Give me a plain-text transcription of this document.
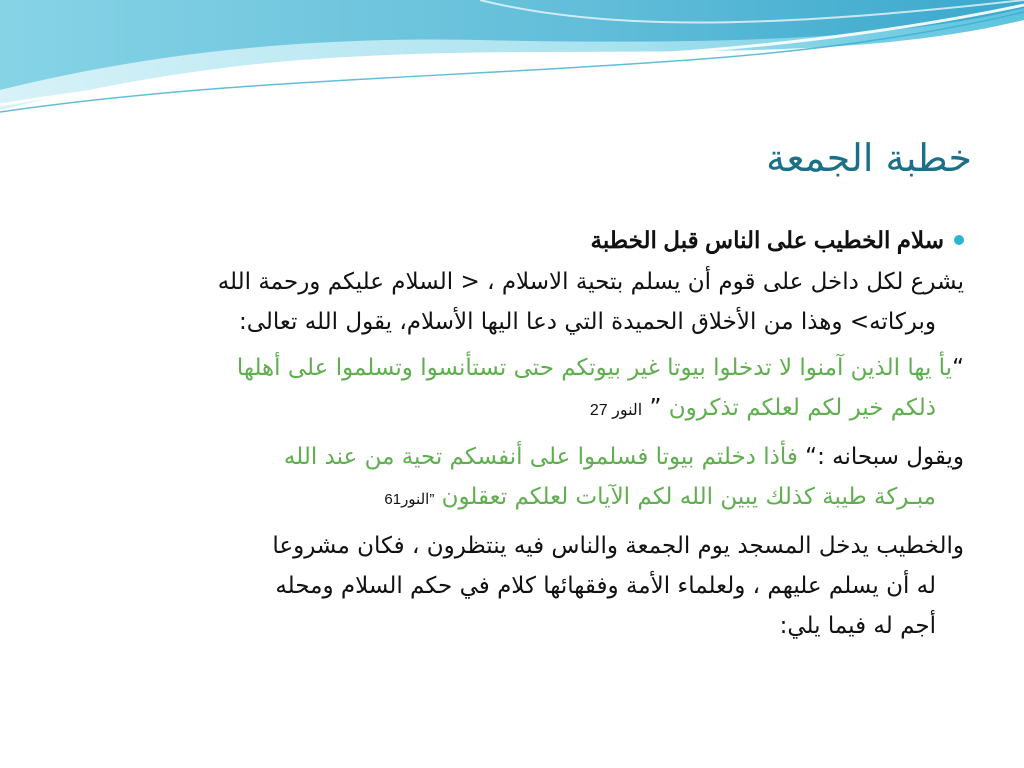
خطبة الجمعة
سلام الخطيب على الناس قبل الخطبة
يشرع لكل داخل على قوم أن يسلم بتحية الاسلام ، < السلام عليكم ورحمة الله
وبركاته> وهذا من الأخلاق الحميدة التي دعا اليها الأسلام، يقول الله تعالى:
“يأ يها الذين آمنوا لا تدخلوا بيوتا غير بيوتكم حتى تستأنسوا وتسلموا على أهلها
ذلكم خير لكم لعلكم تذكرون ” النور 27
ويقول سبحانه :“ فأذا دخلتم بيوتا فسلموا على أنفسكم تحية من عند الله
مبـركة طيبة كذلك يبين الله لكم الآيات لعلكم تعقلون ”النور61
والخطيب يدخل المسجد يوم الجمعة والناس فيه ينتظرون ، فكان مشروعا
له أن يسلم عليهم ، ولعلماء الأمة وفقهائها كلام في حكم السلام ومحله
أجم له فيما يلي:
